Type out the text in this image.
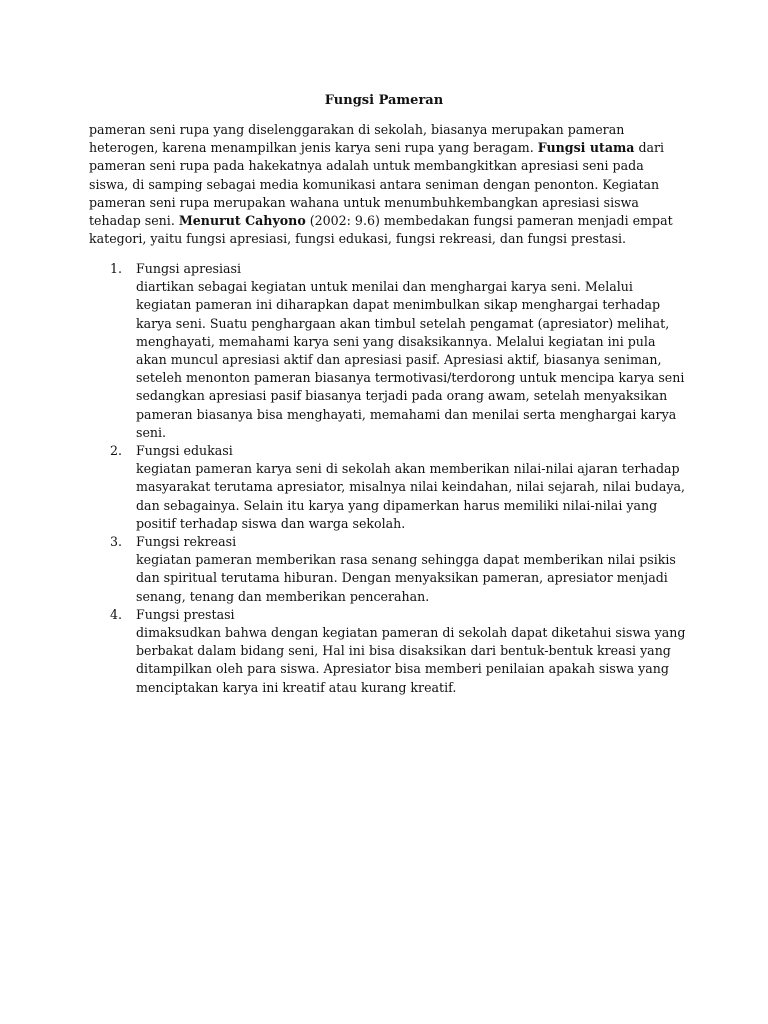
Fungsi Pameran

pameran seni rupa yang diselenggarakan di sekolah, biasanya merupakan pameran heterogen, karena menampilkan jenis karya seni rupa yang beragam. Fungsi utama dari pameran seni rupa pada hakekatnya adalah untuk membangkitkan apresiasi seni pada siswa, di samping sebagai media komunikasi antara seniman dengan penonton. Kegiatan pameran seni rupa merupakan wahana untuk menumbuhkembangkan apresiasi siswa tehadap seni. Menurut Cahyono (2002: 9.6) membedakan fungsi pameran menjadi empat kategori, yaitu fungsi apresiasi, fungsi edukasi, fungsi rekreasi, dan fungsi prestasi.

1. Fungsi apresiasi
diartikan sebagai kegiatan untuk menilai dan menghargai karya seni. Melalui kegiatan pameran ini diharapkan dapat menimbulkan sikap menghargai terhadap karya seni. Suatu penghargaan akan timbul setelah pengamat (apresiator) melihat, menghayati, memahami karya seni yang disaksikannya. Melalui kegiatan ini pula akan muncul apresiasi aktif dan apresiasi pasif. Apresiasi aktif, biasanya seniman, seteleh menonton pameran biasanya termotivasi/terdorong untuk mencipa karya seni sedangkan apresiasi pasif biasanya terjadi pada orang awam, setelah menyaksikan pameran biasanya bisa menghayati, memahami dan menilai serta menghargai karya seni.
2. Fungsi edukasi
kegiatan pameran karya seni di sekolah akan memberikan nilai-nilai ajaran terhadap masyarakat terutama apresiator, misalnya nilai keindahan, nilai sejarah, nilai budaya, dan sebagainya. Selain itu karya yang dipamerkan harus memiliki nilai-nilai yang positif terhadap siswa dan warga sekolah.
3. Fungsi rekreasi
kegiatan pameran memberikan rasa senang sehingga dapat memberikan nilai psikis dan spiritual terutama hiburan. Dengan menyaksikan pameran, apresiator menjadi senang, tenang dan memberikan pencerahan.
4. Fungsi prestasi
dimaksudkan bahwa dengan kegiatan pameran di sekolah dapat diketahui siswa yang berbakat dalam bidang seni, Hal ini bisa disaksikan dari bentuk-bentuk kreasi yang ditampilkan oleh para siswa. Apresiator bisa memberi penilaian apakah siswa yang menciptakan karya ini kreatif atau kurang kreatif.
